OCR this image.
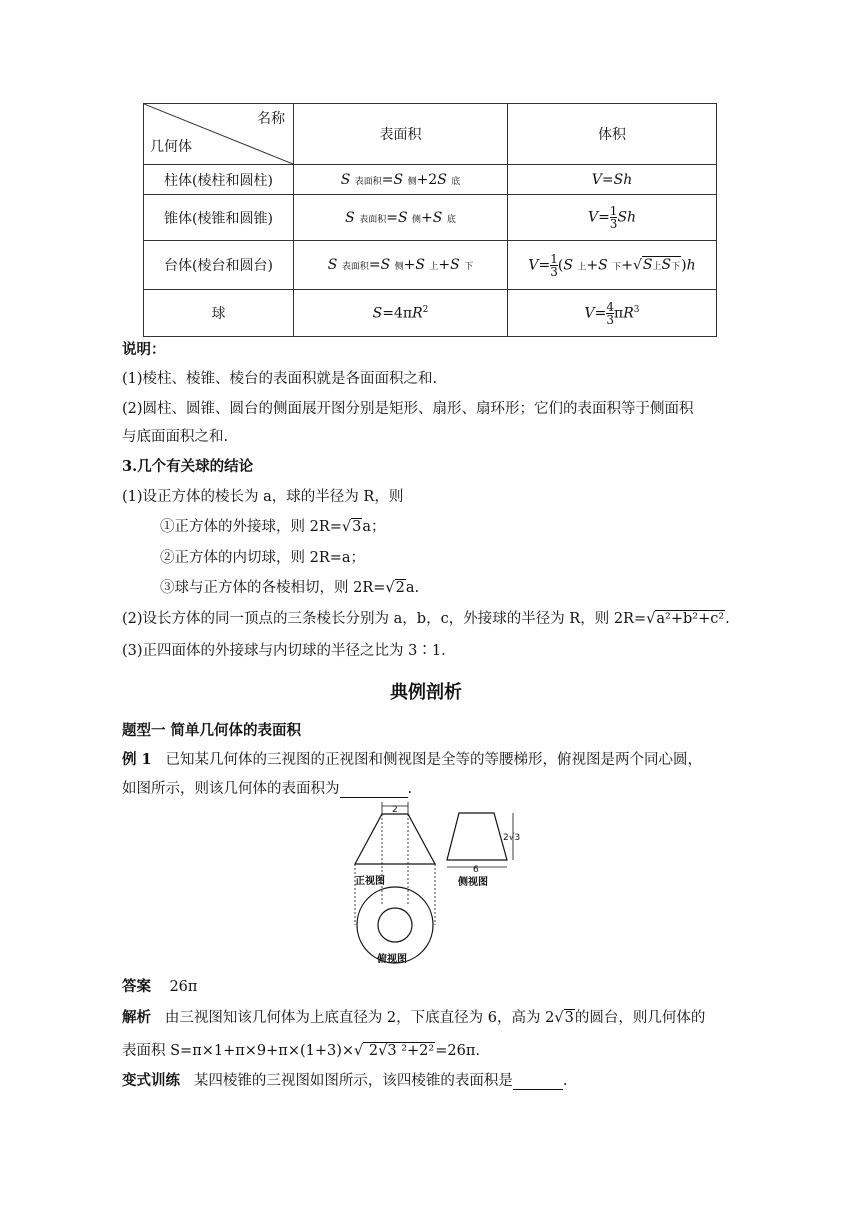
名称
几何体	表面积	体积
柱体(棱柱和圆柱)	S 表面积=S 侧+2S 底	V=Sh
锥体(棱锥和圆锥)	S 表面积=S 侧+S 底	$V= \frac{1}{3}$ Sh
台体(棱台和圆台)	S 表面积=S 侧+S 上+S 下	$V= \frac{1}{3} (S$ 上+S 下+√S上S下)h
球	$S=4\pi R^2$	$V= \frac{4}{3} \pi R^3$
说明：
(1)棱柱、棱锥、棱台的表面积就是各面面积之和.
(2)圆柱、圆锥、圆台的侧面展开图分别是矩形、扇形、扇环形；它们的表面积等于侧面积
与底面面积之和.
3.几个有关球的结论
(1)设正方体的棱长为 a，球的半径为 R，则
①正方体的外接球，则 2R=√3a；
②正方体的内切球，则 2R=a；
③球与正方体的各棱相切，则 2R=√2a.
(2)设长方体的同一顶点的三条棱长分别为 a，b，c，外接球的半径为 R，则 2R=√a²+b²+c².
(3)正四面体的外接球与内切球的半径之比为 3∶1.
典例剖析
题型一 简单几何体的表面积
例 1 已知某几何体的三视图的正视图和侧视图是全等的等腰梯形，俯视图是两个同心圆，
如图所示，则该几何体的表面积为	.
2
正视图
俯视图
6
2√3
侧视图
答案 26π
解析 由三视图知该几何体为上底直径为 2，下底直径为 6，高为 2√3的圆台，则几何体的
表面积 S=π×1+π×9+π×(1+3)×√ 2√3 ²+2²=26π.
变式训练 某四棱锥的三视图如图所示，该四棱锥的表面积是	.
